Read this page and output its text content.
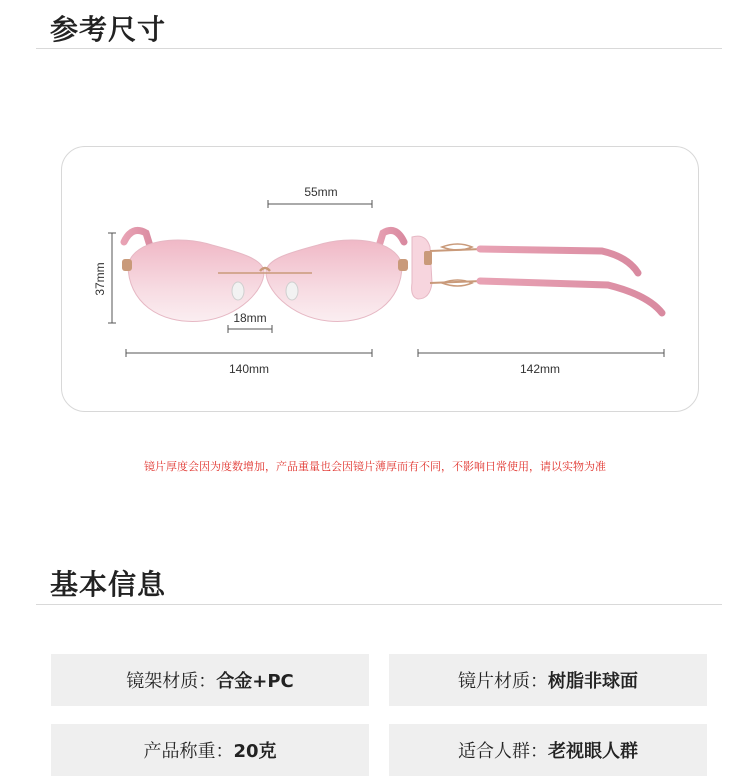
参考尺寸
55mm
37mm
18mm
140mm	142mm
镜片厚度会因为度数增加，产品重量也会因镜片薄厚而有不同，不影响日常使用，请以实物为准
基本信息
镜架材质： 合金+PC	镜片材质： 树脂非球面
产品称重： 20克	适合人群： 老视眼人群
